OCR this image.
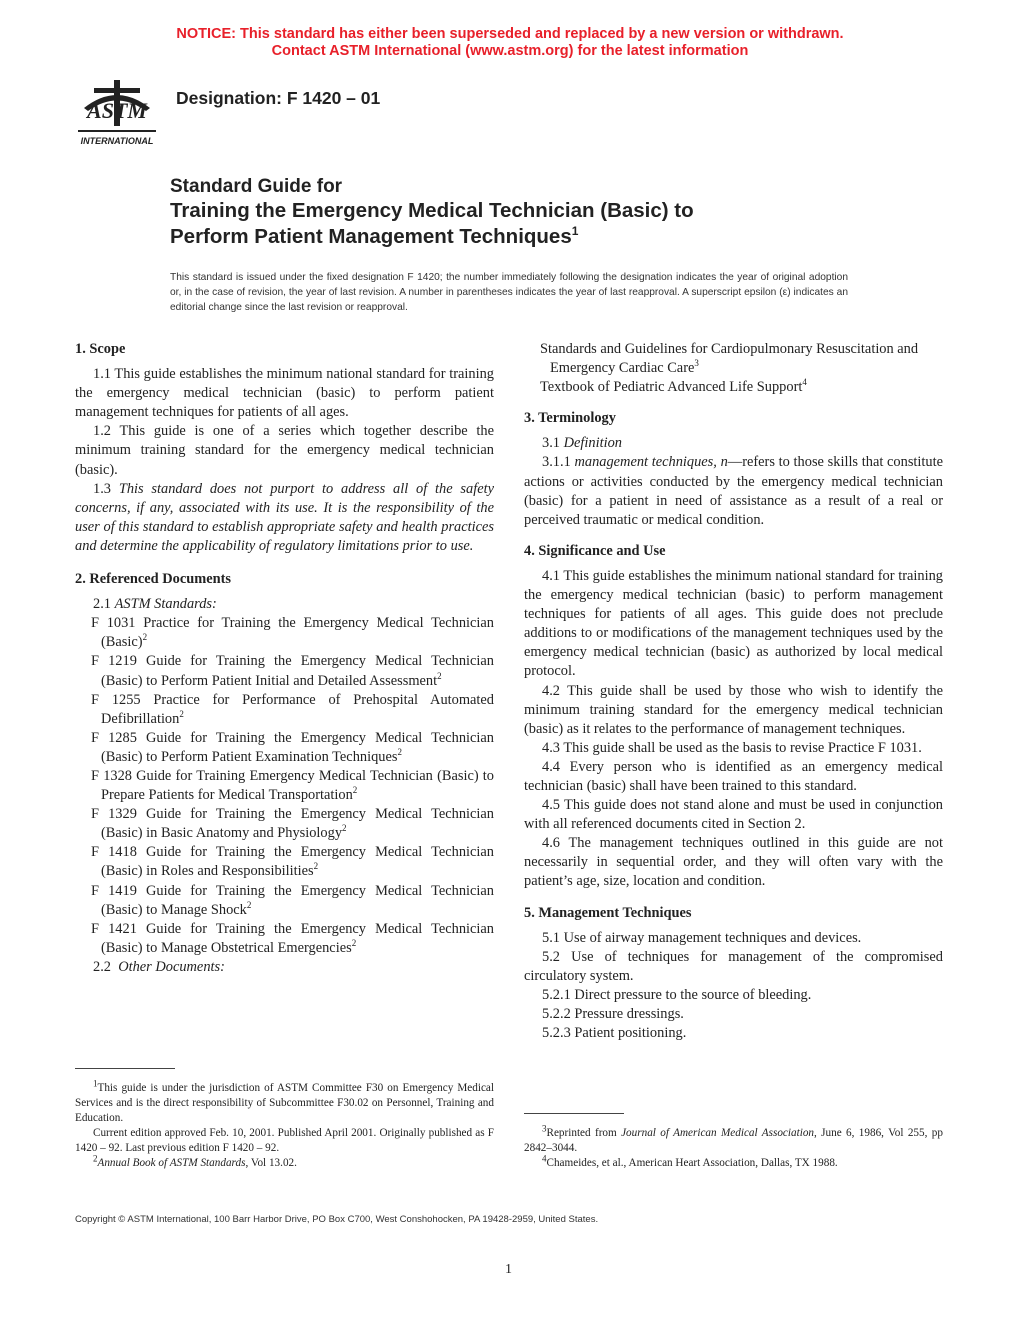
NOTICE: This standard has either been superseded and replaced by a new version or withdrawn.
Contact ASTM International (www.astm.org) for the latest information
ASTM
INTERNATIONAL
Designation: F 1420 – 01
Standard Guide for
Training the Emergency Medical Technician (Basic) to
Perform Patient Management Techniques$^1$
This standard is issued under the fixed designation F 1420; the number immediately following the designation indicates the year of original adoption or, in the case of revision, the year of last revision. A number in parentheses indicates the year of last reapproval. A superscript epsilon (ε) indicates an editorial change since the last revision or reapproval.

1. Scope

1.1 This guide establishes the minimum national standard for training the emergency medical technician (basic) to perform patient management techniques for patients of all ages.

1.2 This guide is one of a series which together describe the minimum training standard for the emergency medical technician (basic).

1.3 This standard does not purport to address all of the safety concerns, if any, associated with its use. It is the responsibility of the user of this standard to establish appropriate safety and health practices and determine the applicability of regulatory limitations prior to use.

2. Referenced Documents

2.1 ASTM Standards:

F 1031 Practice for Training the Emergency Medical Technician (Basic)$^2$

F 1219 Guide for Training the Emergency Medical Technician (Basic) to Perform Patient Initial and Detailed Assessment$^2$

F 1255 Practice for Performance of Prehospital Automated Defibrillation$^2$

F 1285 Guide for Training the Emergency Medical Technician (Basic) to Perform Patient Examination Techniques$^2$

F 1328 Guide for Training Emergency Medical Technician (Basic) to Prepare Patients for Medical Transportation$^2$

F 1329 Guide for Training the Emergency Medical Technician (Basic) in Basic Anatomy and Physiology$^2$

F 1418 Guide for Training the Emergency Medical Technician (Basic) in Roles and Responsibilities$^2$

F 1419 Guide for Training the Emergency Medical Technician (Basic) to Manage Shock$^2$

F 1421 Guide for Training the Emergency Medical Technician (Basic) to Manage Obstetrical Emergencies$^2$

2.2 Other Documents:

Standards and Guidelines for Cardiopulmonary Resuscitation and Emergency Cardiac Care$^3$

Textbook of Pediatric Advanced Life Support$^4$

3. Terminology

3.1 Definition

3.1.1 management techniques, n—refers to those skills that constitute actions or activities conducted by the emergency medical technician (basic) for a patient in need of assistance as a result of a real or perceived traumatic or medical condition.

4. Significance and Use

4.1 This guide establishes the minimum national standard for training the emergency medical technician (basic) to perform management techniques for patients of all ages. This guide does not preclude additions to or modifications of the management techniques used by the emergency medical technician (basic) as authorized by local medical protocol.

4.2 This guide shall be used by those who wish to identify the minimum training standard for the emergency medical technician (basic) as it relates to the performance of management techniques.

4.3 This guide shall be used as the basis to revise Practice F 1031.

4.4 Every person who is identified as an emergency medical technician (basic) shall have been trained to this standard.

4.5 This guide does not stand alone and must be used in conjunction with all referenced documents cited in Section 2.

4.6 The management techniques outlined in this guide are not necessarily in sequential order, and they will often vary with the patient’s age, size, location and condition.

5. Management Techniques

5.1 Use of airway management techniques and devices.

5.2 Use of techniques for management of the compromised circulatory system.

5.2.1 Direct pressure to the source of bleeding.

5.2.2 Pressure dressings.

5.2.3 Patient positioning.

$^1$This guide is under the jurisdiction of ASTM Committee F30 on Emergency Medical Services and is the direct responsibility of Subcommittee F30.02 on Personnel, Training and Education.

Current edition approved Feb. 10, 2001. Published April 2001. Originally published as F 1420 – 92. Last previous edition F 1420 – 92.

$^2$Annual Book of ASTM Standards, Vol 13.02.

$^3$Reprinted from Journal of American Medical Association, June 6, 1986, Vol 255, pp 2842–3044.

$^4$Chameides, et al., American Heart Association, Dallas, TX 1988.

Copyright © ASTM International, 100 Barr Harbor Drive, PO Box C700, West Conshohocken, PA 19428-2959, United States.
1
